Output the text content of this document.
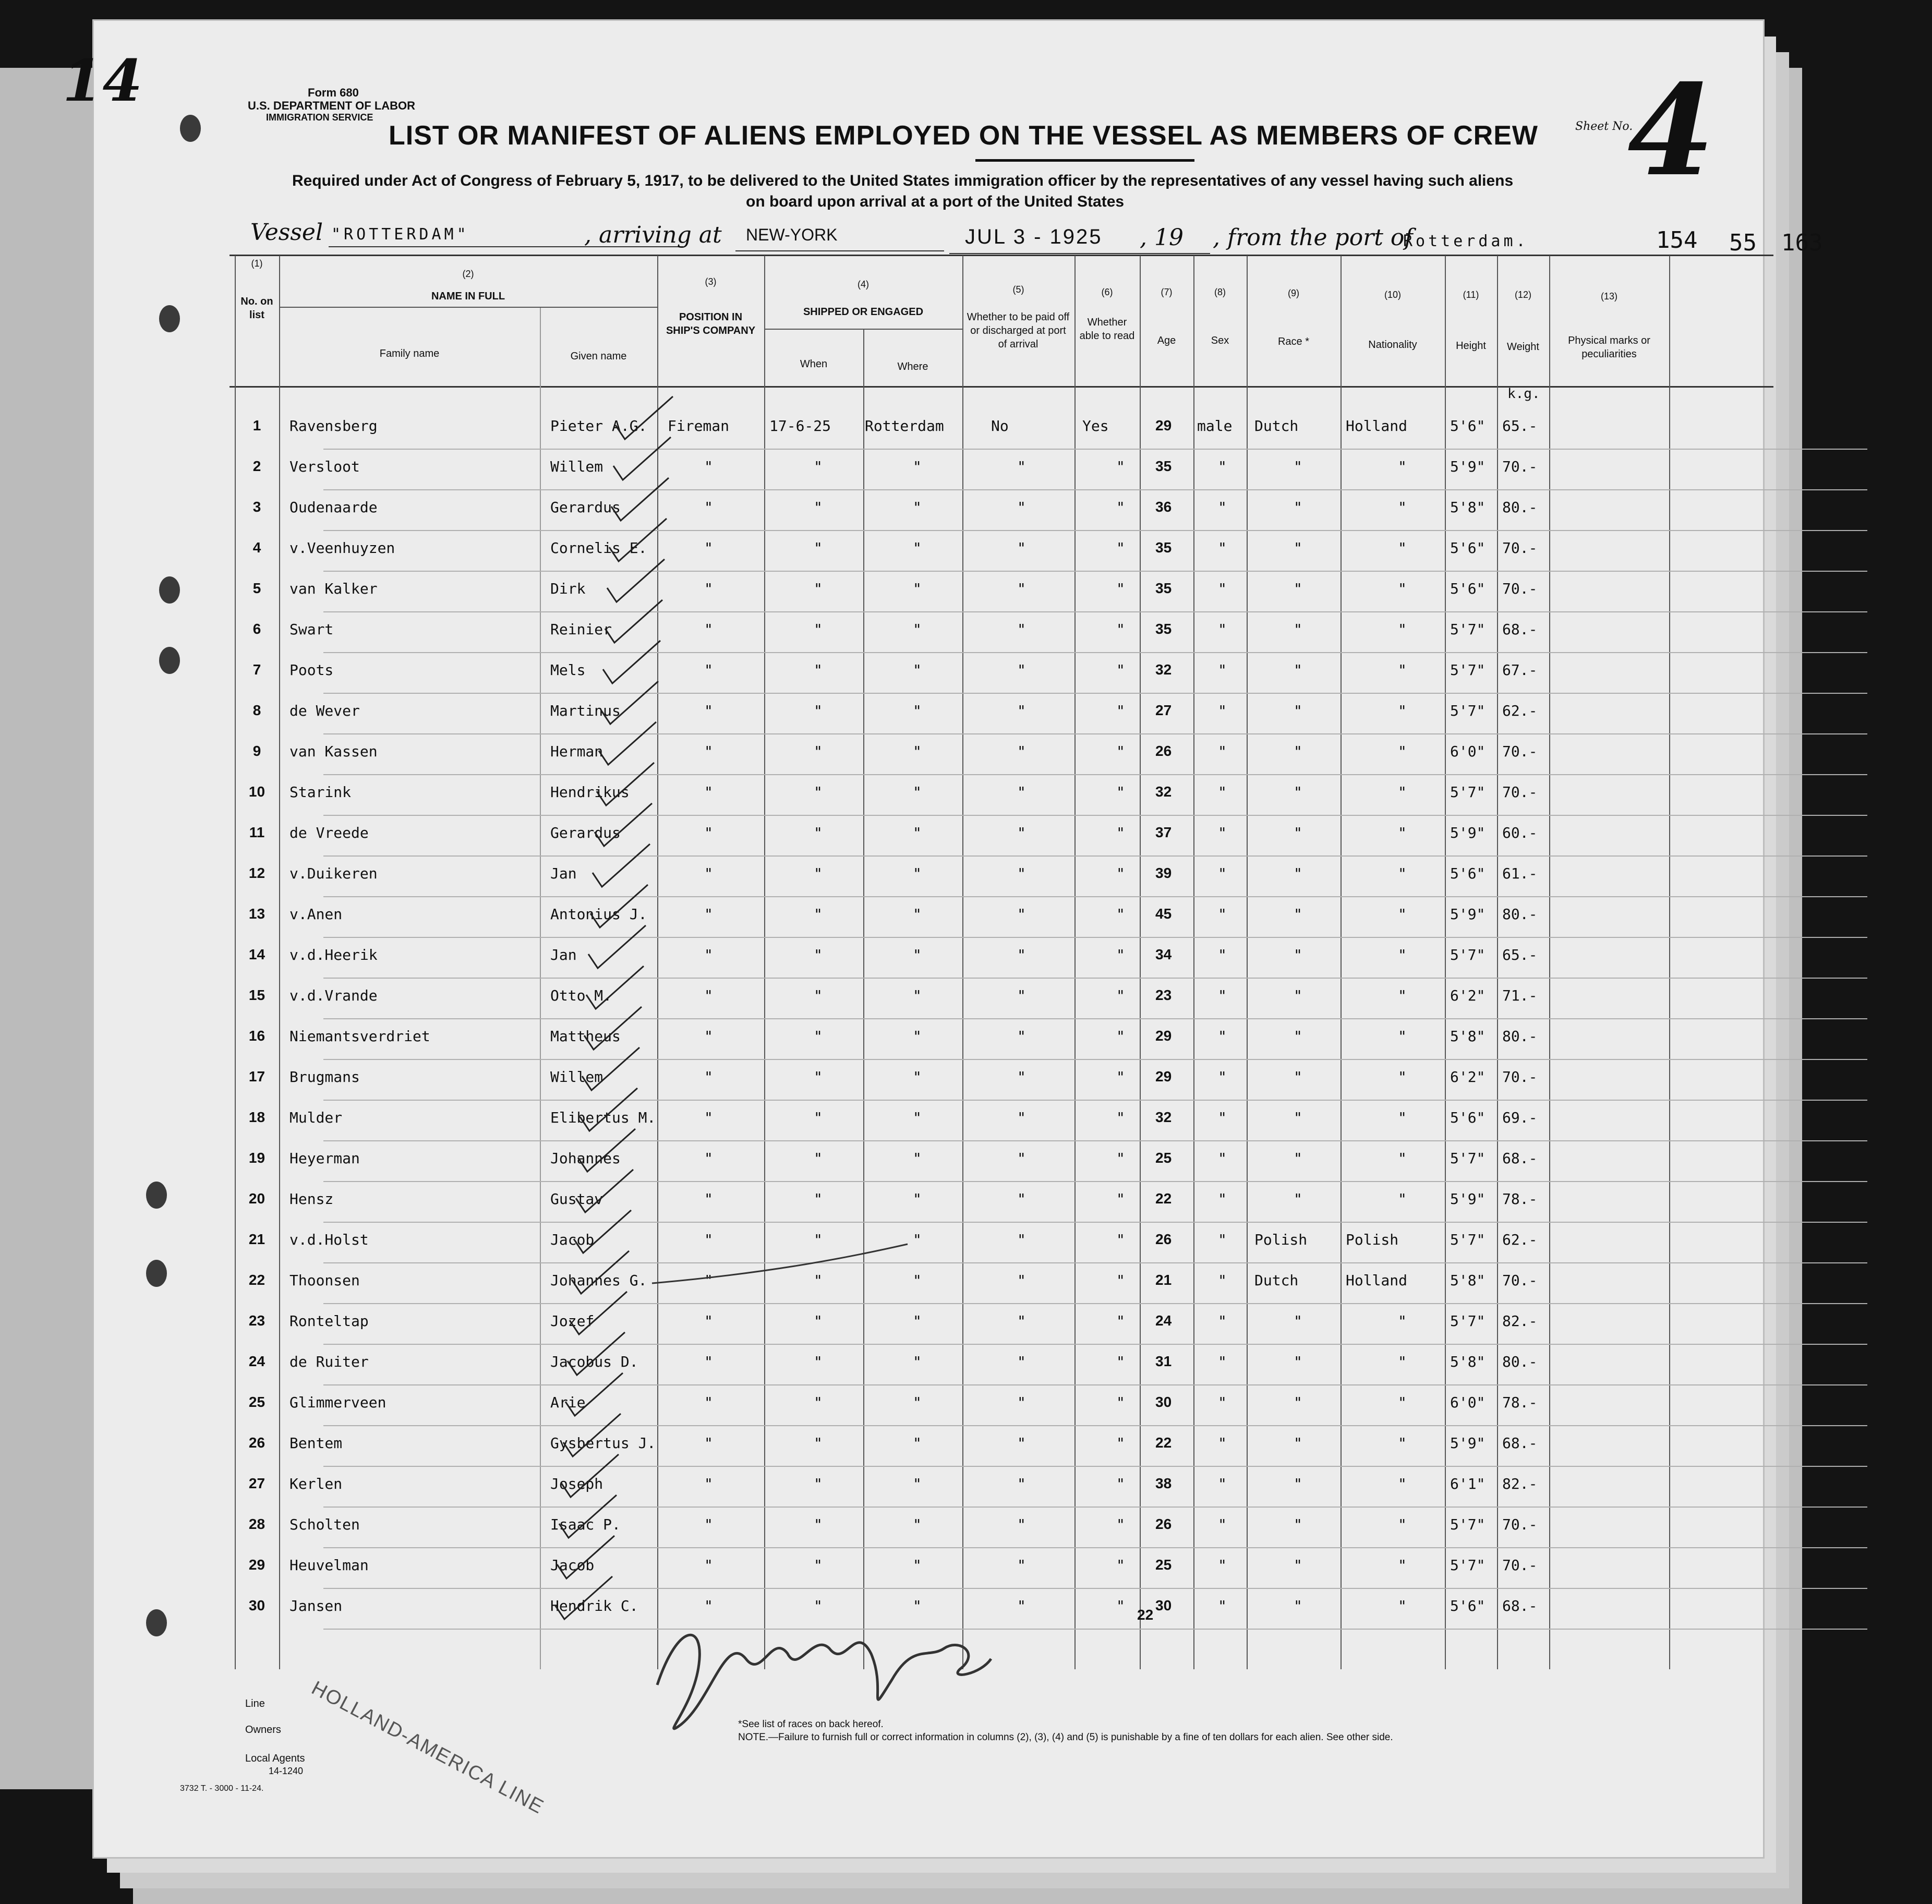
14	Form 680
U.S. DEPARTMENT OF LABOR
IMMIGRATION SERVICE
LIST OR MANIFEST OF ALIENS EMPLOYED ON THE VESSEL AS MEMBERS OF CREW	Sheet No.
4
Required under Act of Congress of February 5, 1917, to be delivered to the United States immigration officer by the representatives of any vessel having such aliens
on board upon arrival at a port of the United States
Vessel "ROTTERDAM"	, arriving at NEW-YORK	JUL 3 - 1925 , 19 , from the port of
Rotterdam.	154 55 163
(1)
(2)
(3)	(4)	(5)	(6)	(7)	(8)	(9)	(10)	(11)	(12)	(13)
No. on list
NAME IN FULL
Family name	Given name
POSITION IN SHIP'S COMPANY
SHIPPED OR ENGAGED
When	Where
Whether to be paid off or discharged at port of arrival
Whether able to read	Age	Sex	Race *	Nationality	Height	Weight
k.g.
Physical marks or peculiarities
1	Ravensberg	Pieter A.G. Fireman	17-6-25 Rotterdam	No	Yes	29 male Dutch	Holland	5'6" 65.-
2	Versloot	Willem	"	"	"	"	" 35	"	"	"	5'9" 70.-
3	Oudenaarde	Gerardus	"	"	"	"	" 36	"	"	"	5'8" 80.-
4	v.Veenhuyzen	Cornelis E.	"	"	"	"	" 35	"	"	"	5'6" 70.-
5	van Kalker	Dirk	"	"	"	"	" 35	"	"	"	5'6" 70.-
6	Swart	Reinier	"	"	"	"	" 35	"	"	"	5'7" 68.-
7	Poots	Mels	"	"	"	"	" 32	"	"	"	5'7" 67.-
8	de Wever	Martinus	"	"	"	"	" 27	"	"	"	5'7" 62.-
9	van Kassen	Herman	"	"	"	"	" 26	"	"	"	6'0" 70.-
10	Starink	Hendrikus	"	"	"	"	" 32	"	"	"	5'7" 70.-
11	de Vreede	Gerardus	"	"	"	"	" 37	"	"	"	5'9" 60.-
12	v.Duikeren	Jan	"	"	"	"	" 39	"	"	"	5'6" 61.-
13	v.Anen	Antonius J.	"	"	"	"	" 45	"	"	"	5'9" 80.-
14	v.d.Heerik	Jan	"	"	"	"	" 34	"	"	"	5'7" 65.-
15	v.d.Vrande	Otto M.	"	"	"	"	" 23	"	"	"	6'2" 71.-
16	Niemantsverdriet	Mattheus	"	"	"	"	" 29	"	"	"	5'8" 80.-
17	Brugmans	Willem	"	"	"	"	" 29	"	"	"	6'2" 70.-
18	Mulder	Elibertus M.	"	"	"	"	" 32	"	"	"	5'6" 69.-
19	Heyerman	Johannes	"	"	"	"	" 25	"	"	"	5'7" 68.-
20	Hensz	Gustav	"	"	"	"	" 22	"	"	"	5'9" 78.-
21	v.d.Holst	Jacob	"	"	"	"	" 26	" Polish	Polish	5'7" 62.-
22	Thoonsen	Johannes G.	"	"	"	"	" 21	" Dutch	Holland	5'8" 70.-
23	Ronteltap	Jozef	"	"	"	"	" 24	"	"	"	5'7" 82.-
24	de Ruiter	Jacobus D.	"	"	"	"	" 31	"	"	"	5'8" 80.-
25	Glimmerveen	Arie	"	"	"	"	" 30	"	"	"	6'0" 78.-
26	Bentem	Gysbertus J.	"	"	"	"	" 22	"	"	"	5'9" 68.-
27	Kerlen	Joseph	"	"	"	"	" 38	"	"	"	6'1" 82.-
28	Scholten	Isaac P.	"	"	"	"	" 26	"	"	"	5'7" 70.-
29	Heuvelman	Jacob	"	"	"	"	" 25	"	"	"	5'7" 70.-
30	Jansen	Hendrik C.	"	"	"	"	" 30	"	"	"	5'6" 68.-
Line
Owners
Local Agents
14-1240 HOLLAND-AMERICA LINE	*See list of races on back hereof.
NOTE.—Failure to furnish full or correct information in columns (2), (3), (4) and (5) is punishable by a fine of ten dollars for each alien. See other side.
3732 T. - 3000 - 11-24.
22
